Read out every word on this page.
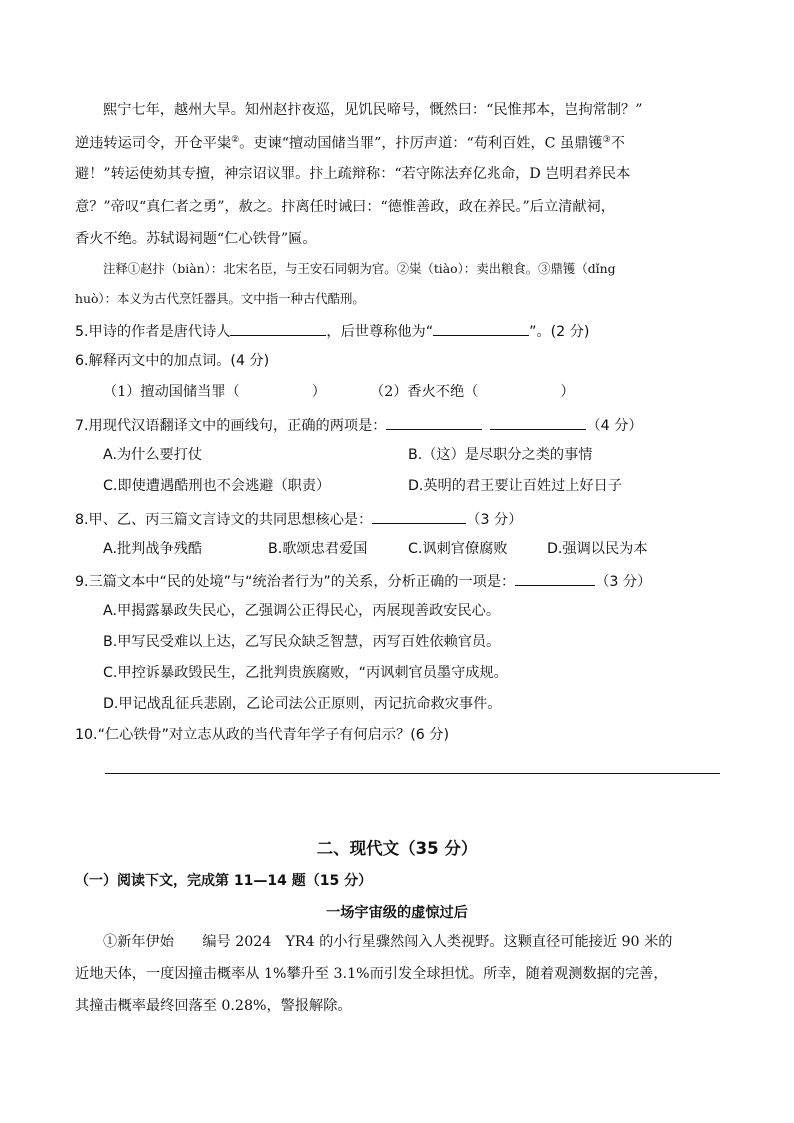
熙宁七年，越州大旱。知州赵抃夜巡，见饥民啼号，慨然曰：“民惟邦本，岂拘常制？”
逆违转运司令，开仓平粜②。吏谏“擅动国储当罪”，抃厉声道：“苟利百姓，C 虽鼎镬③不
避！”转运使劾其专擅，神宗诏议罪。抃上疏辩称：“若守陈法弃亿兆命，D 岂明君养民本
意？”帝叹“真仁者之勇”，赦之。抃离任时诫曰：“德惟善政，政在养民。”后立清献祠，
香火不绝。苏轼谒祠题“仁心铁骨”匾。
注释①赵抃（biàn）：北宋名臣，与王安石同朝为官。②粜（tiào）：卖出粮食。③鼎镬（dǐng
huò）：本义为古代烹饪器具。文中指一种古代酷刑。
5.甲诗的作者是唐代诗人	，后世尊称他为“	”。(2 分)
6.解释丙文中的加点词。(4 分)
（1）擅动国储当罪（	）	（2）香火不绝（	）
7.用现代汉语翻译文中的画线句，正确的两项是：	（4 分）
A.为什么要打仗	B.（这）是尽职分之类的事情
C.即使遭遇酷刑也不会逃避（职责）	D.英明的君王要让百姓过上好日子
8.甲、乙、丙三篇文言诗文的共同思想核心是：	（3 分）
A.批判战争残酷	B.歌颂忠君爱国	C.讽刺官僚腐败	D.强调以民为本
9.三篇文本中“民的处境”与“统治者行为”的关系，分析正确的一项是：	（3 分）
A.甲揭露暴政失民心，乙强调公正得民心，丙展现善政安民心。
B.甲写民受难以上达，乙写民众缺乏智慧，丙写百姓依赖官员。
C.甲控诉暴政毁民生，乙批判贵族腐败，“丙讽刺官员墨守成规。
D.甲记战乱征兵悲剧，乙论司法公正原则，丙记抗命救灾事件。
10.“仁心铁骨”对立志从政的当代青年学子有何启示？(6 分)
二、现代文（35 分）
（一）阅读下文，完成第 11—14 题（15 分）
一场宇宙级的虚惊过后
①新年伊始　　编号 2024　YR4 的小行星骤然闯入人类视野。这颗直径可能接近 90 米的
近地天体，一度因撞击概率从 1%攀升至 3.1%而引发全球担忧。所幸，随着观测数据的完善，
其撞击概率最终回落至 0.28%，警报解除。
